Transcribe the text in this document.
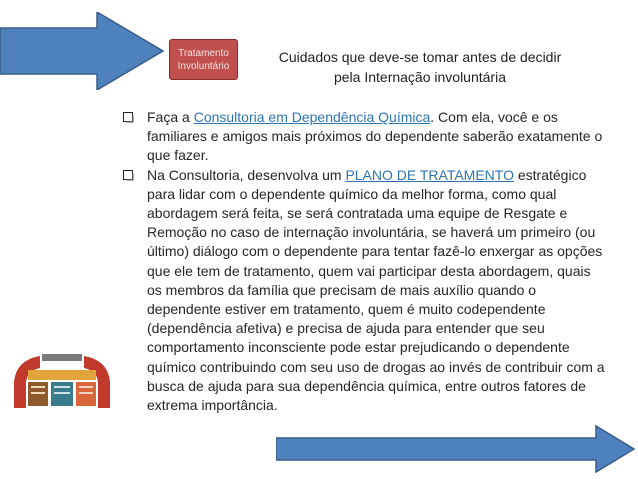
Tratamento
Involuntário
Cuidados que deve-se tomar antes de decidir
pela Internação involuntária

Faça a Consultoria em Dependência Química. Com ela, você e os familiares e amigos mais próximos do dependente saberão exatamente o que fazer.

Na Consultoria, desenvolva um PLANO DE TRATAMENTO estratégico para lidar com o dependente químico da melhor forma, como qual abordagem será feita, se será contratada uma equipe de Resgate e Remoção no caso de internação involuntária, se haverá um primeiro (ou último) diálogo com o dependente para tentar fazê-lo enxergar as opções que ele tem de tratamento, quem vai participar desta abordagem, quais os membros da família que precisam de mais auxílio quando o dependente estiver em tratamento, quem é muito codependente (dependência afetiva) e precisa de ajuda para entender que seu comportamento inconsciente pode estar prejudicando o dependente químico contribuindo com seu uso de drogas ao invés de contribuir com a busca de ajuda para sua dependência química, entre outros fatores de extrema importância.
